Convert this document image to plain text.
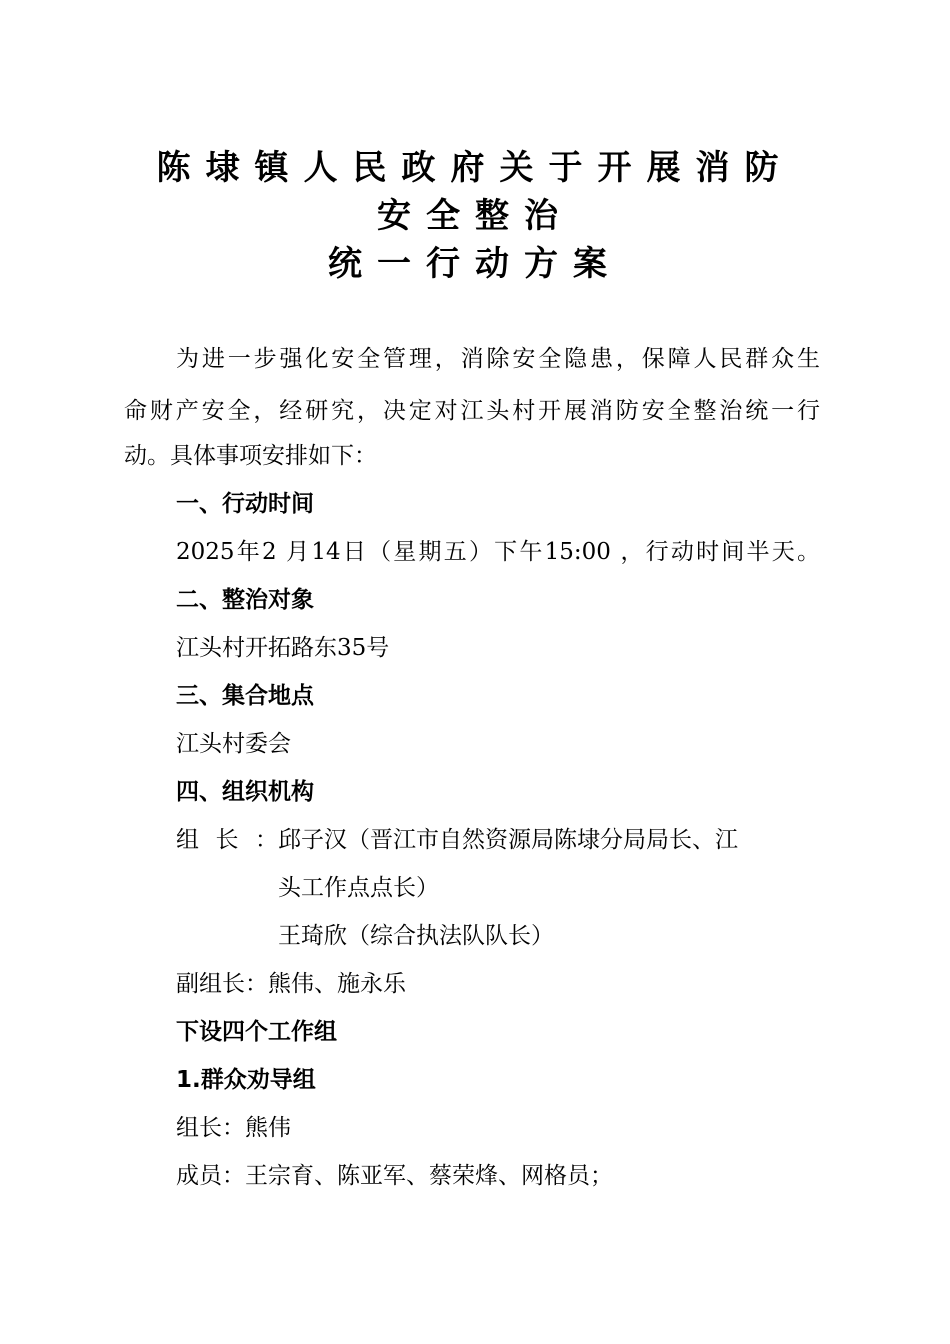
陈埭镇人民政府关于开展消防
安全整治
统一行动方案
为进一步强化安全管理，消除安全隐患，保障人民群众生
命财产安全，经研究，决定对江头村开展消防安全整治统一行
动。具体事项安排如下：
一、行动时间
2025年2 月14日（星期五）下午15:00 ，行动时间半天。
二、整治对象
江头村开拓路东35号
三、集合地点
江头村委会
四、组织机构
组长：邱子汉（晋江市自然资源局陈埭分局局长、江
头工作点点长）
王琦欣（综合执法队队长）
副组长：熊伟、施永乐
下设四个工作组
1.群众劝导组
组长：熊伟
成员：王宗育、陈亚军、蔡荣烽、网格员；
